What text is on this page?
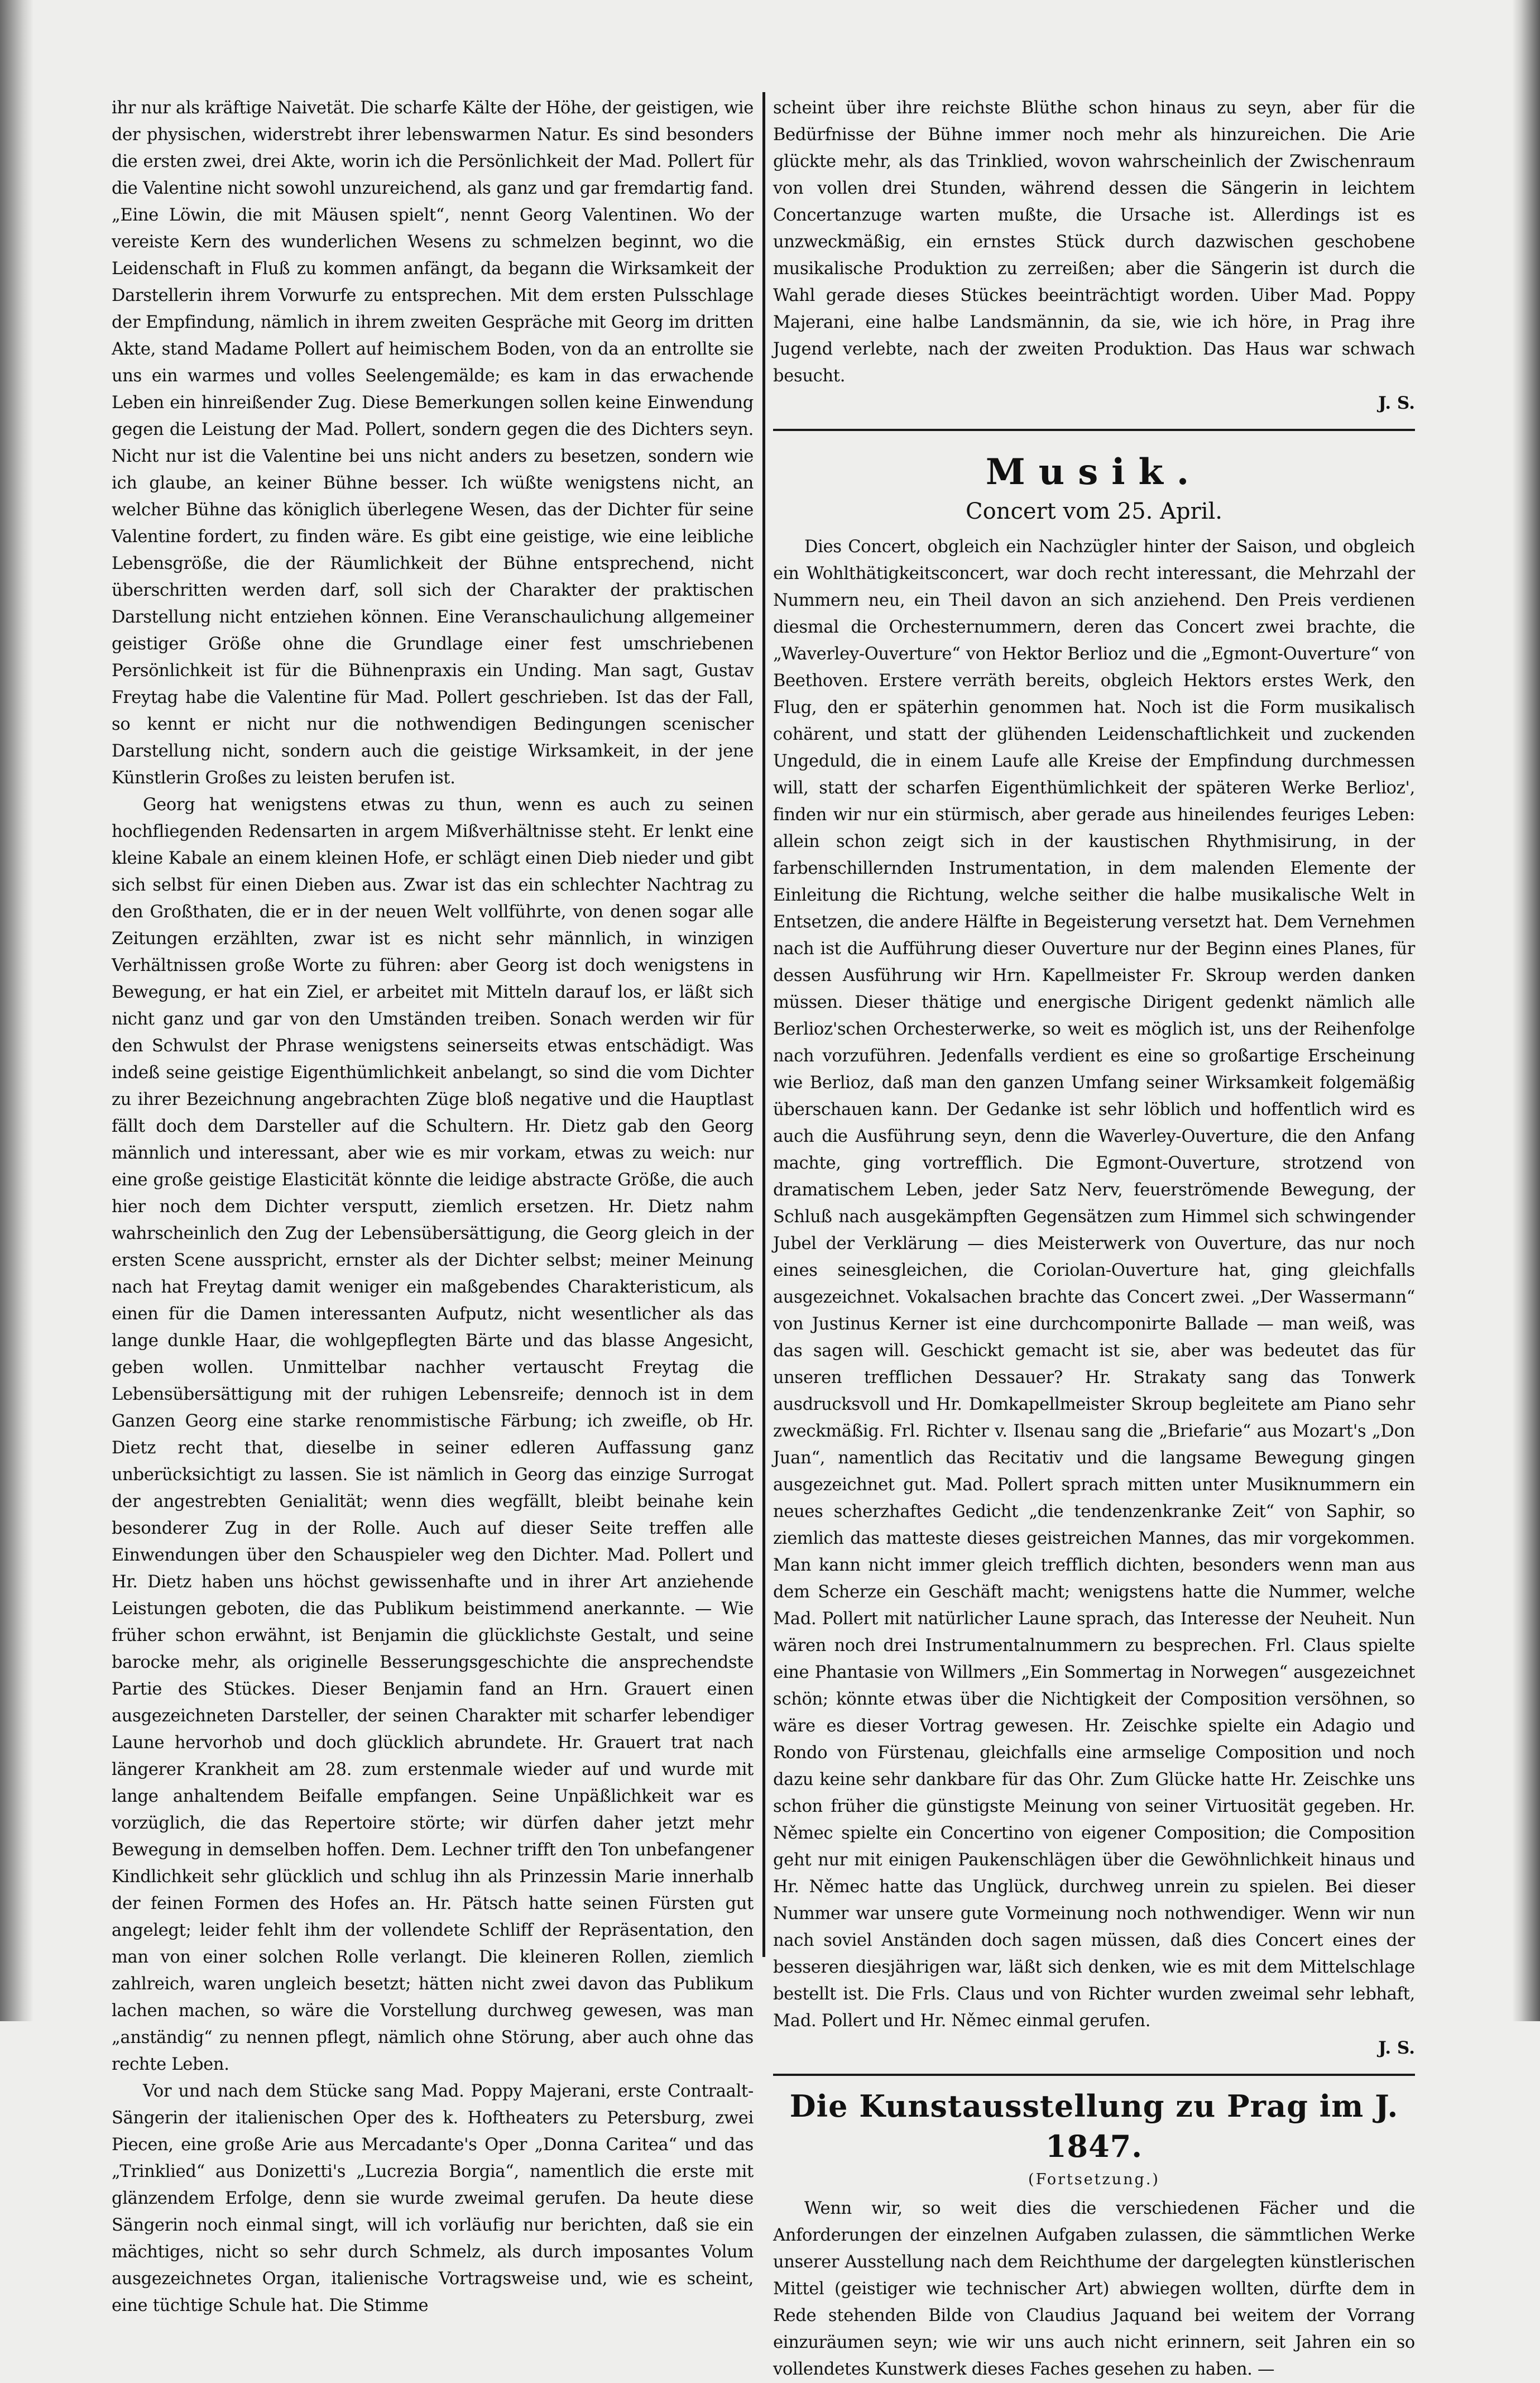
ihr nur als kräftige Naivetät. Die scharfe Kälte der Höhe, der geistigen, wie der physischen, widerstrebt ihrer lebenswarmen Natur. Es sind besonders die ersten zwei, drei Akte, worin ich die Persönlichkeit der Mad. Pollert für die Valentine nicht sowohl unzureichend, als ganz und gar fremdartig fand. „Eine Löwin, die mit Mäusen spielt“, nennt Georg Valentinen. Wo der vereiste Kern des wunderlichen Wesens zu schmelzen beginnt, wo die Leidenschaft in Fluß zu kommen anfängt, da begann die Wirksamkeit der Darstellerin ihrem Vorwurfe zu entsprechen. Mit dem ersten Pulsschlage der Empfindung, nämlich in ihrem zweiten Gespräche mit Georg im dritten Akte, stand Madame Pollert auf heimischem Boden, von da an entrollte sie uns ein warmes und volles Seelengemälde; es kam in das erwachende Leben ein hinreißender Zug. Diese Bemerkungen sollen keine Einwendung gegen die Leistung der Mad. Pollert, sondern gegen die des Dichters seyn. Nicht nur ist die Valentine bei uns nicht anders zu besetzen, sondern wie ich glaube, an keiner Bühne besser. Ich wüßte wenigstens nicht, an welcher Bühne das königlich überlegene Wesen, das der Dichter für seine Valentine fordert, zu finden wäre. Es gibt eine geistige, wie eine leibliche Lebensgröße, die der Räumlichkeit der Bühne entsprechend, nicht überschritten werden darf, soll sich der Charakter der praktischen Darstellung nicht entziehen können. Eine Veranschaulichung allgemeiner geistiger Größe ohne die Grundlage einer fest umschriebenen Persönlichkeit ist für die Bühnenpraxis ein Unding. Man sagt, Gustav Freytag habe die Valentine für Mad. Pollert geschrieben. Ist das der Fall, so kennt er nicht nur die nothwendigen Bedingungen scenischer Darstellung nicht, sondern auch die geistige Wirksamkeit, in der jene Künstlerin Großes zu leisten berufen ist.

Georg hat wenigstens etwas zu thun, wenn es auch zu seinen hochfliegenden Redensarten in argem Mißverhältnisse steht. Er lenkt eine kleine Kabale an einem kleinen Hofe, er schlägt einen Dieb nieder und gibt sich selbst für einen Dieben aus. Zwar ist das ein schlechter Nachtrag zu den Großthaten, die er in der neuen Welt vollführte, von denen sogar alle Zeitungen erzählten, zwar ist es nicht sehr männlich, in winzigen Verhältnissen große Worte zu führen: aber Georg ist doch wenigstens in Bewegung, er hat ein Ziel, er arbeitet mit Mitteln darauf los, er läßt sich nicht ganz und gar von den Umständen treiben. Sonach werden wir für den Schwulst der Phrase wenigstens seinerseits etwas entschädigt. Was indeß seine geistige Eigenthümlichkeit anbelangt, so sind die vom Dichter zu ihrer Bezeichnung angebrachten Züge bloß negative und die Hauptlast fällt doch dem Darsteller auf die Schultern. Hr. Dietz gab den Georg männlich und interessant, aber wie es mir vorkam, etwas zu weich: nur eine große geistige Elasticität könnte die leidige abstracte Größe, die auch hier noch dem Dichter versputt, ziemlich ersetzen. Hr. Dietz nahm wahrscheinlich den Zug der Lebensübersättigung, die Georg gleich in der ersten Scene ausspricht, ernster als der Dichter selbst; meiner Meinung nach hat Freytag damit weniger ein maßgebendes Charakteristicum, als einen für die Damen interessanten Aufputz, nicht wesentlicher als das lange dunkle Haar, die wohlgepflegten Bärte und das blasse Angesicht, geben wollen. Unmittelbar nachher vertauscht Freytag die Lebensübersättigung mit der ruhigen Lebensreife; dennoch ist in dem Ganzen Georg eine starke renommistische Färbung; ich zweifle, ob Hr. Dietz recht that, dieselbe in seiner edleren Auffassung ganz unberücksichtigt zu lassen. Sie ist nämlich in Georg das einzige Surrogat der angestrebten Genialität; wenn dies wegfällt, bleibt beinahe kein besonderer Zug in der Rolle. Auch auf dieser Seite treffen alle Einwendungen über den Schauspieler weg den Dichter. Mad. Pollert und Hr. Dietz haben uns höchst gewissenhafte und in ihrer Art anziehende Leistungen geboten, die das Publikum beistimmend anerkannte. — Wie früher schon erwähnt, ist Benjamin die glücklichste Gestalt, und seine barocke mehr, als originelle Besserungsgeschichte die ansprechendste Partie des Stückes. Dieser Benjamin fand an Hrn. Grauert einen ausgezeichneten Darsteller, der seinen Charakter mit scharfer lebendiger Laune hervorhob und doch glücklich abrundete. Hr. Grauert trat nach längerer Krankheit am 28. zum erstenmale wieder auf und wurde mit lange anhaltendem Beifalle empfangen. Seine Unpäßlichkeit war es vorzüglich, die das Repertoire störte; wir dürfen daher jetzt mehr Bewegung in demselben hoffen. Dem. Lechner trifft den Ton unbefangener Kindlichkeit sehr glücklich und schlug ihn als Prinzessin Marie innerhalb der feinen Formen des Hofes an. Hr. Pätsch hatte seinen Fürsten gut angelegt; leider fehlt ihm der vollendete Schliff der Repräsentation, den man von einer solchen Rolle verlangt. Die kleineren Rollen, ziemlich zahlreich, waren ungleich besetzt; hätten nicht zwei davon das Publikum lachen machen, so wäre die Vorstellung durchweg gewesen, was man „anständig“ zu nennen pflegt, nämlich ohne Störung, aber auch ohne das rechte Leben.

Vor und nach dem Stücke sang Mad. Poppy Majerani, erste Contraalt-Sängerin der italienischen Oper des k. Hoftheaters zu Petersburg, zwei Piecen, eine große Arie aus Mercadante's Oper „Donna Caritea“ und das „Trinklied“ aus Donizetti's „Lucrezia Borgia“, namentlich die erste mit glänzendem Erfolge, denn sie wurde zweimal gerufen. Da heute diese Sängerin noch einmal singt, will ich vorläufig nur berichten, daß sie ein mächtiges, nicht so sehr durch Schmelz, als durch imposantes Volum ausgezeichnetes Organ, italienische Vortragsweise und, wie es scheint, eine tüchtige Schule hat. Die Stimme

scheint über ihre reichste Blüthe schon hinaus zu seyn, aber für die Bedürfnisse der Bühne immer noch mehr als hinzureichen. Die Arie glückte mehr, als das Trinklied, wovon wahrscheinlich der Zwischenraum von vollen drei Stunden, während dessen die Sängerin in leichtem Concertanzuge warten mußte, die Ursache ist. Allerdings ist es unzweckmäßig, ein ernstes Stück durch dazwischen geschobene musikalische Produktion zu zerreißen; aber die Sängerin ist durch die Wahl gerade dieses Stückes beeinträchtigt worden. Uiber Mad. Poppy Majerani, eine halbe Landsmännin, da sie, wie ich höre, in Prag ihre Jugend verlebte, nach der zweiten Produktion. Das Haus war schwach besucht.

J. S.

Musik.
Concert vom 25. April.

Dies Concert, obgleich ein Nachzügler hinter der Saison, und obgleich ein Wohlthätigkeitsconcert, war doch recht interessant, die Mehrzahl der Nummern neu, ein Theil davon an sich anziehend. Den Preis verdienen diesmal die Orchesternummern, deren das Concert zwei brachte, die „Waverley-Ouverture“ von Hektor Berlioz und die „Egmont-Ouverture“ von Beethoven. Erstere verräth bereits, obgleich Hektors erstes Werk, den Flug, den er späterhin genommen hat. Noch ist die Form musikalisch cohärent, und statt der glühenden Leidenschaftlichkeit und zuckenden Ungeduld, die in einem Laufe alle Kreise der Empfindung durchmessen will, statt der scharfen Eigenthümlichkeit der späteren Werke Berlioz', finden wir nur ein stürmisch, aber gerade aus hineilendes feuriges Leben: allein schon zeigt sich in der kaustischen Rhythmisirung, in der farbenschillernden Instrumentation, in dem malenden Elemente der Einleitung die Richtung, welche seither die halbe musikalische Welt in Entsetzen, die andere Hälfte in Begeisterung versetzt hat. Dem Vernehmen nach ist die Aufführung dieser Ouverture nur der Beginn eines Planes, für dessen Ausführung wir Hrn. Kapellmeister Fr. Skroup werden danken müssen. Dieser thätige und energische Dirigent gedenkt nämlich alle Berlioz'schen Orchesterwerke, so weit es möglich ist, uns der Reihenfolge nach vorzuführen. Jedenfalls verdient es eine so großartige Erscheinung wie Berlioz, daß man den ganzen Umfang seiner Wirksamkeit folgemäßig überschauen kann. Der Gedanke ist sehr löblich und hoffentlich wird es auch die Ausführung seyn, denn die Waverley-Ouverture, die den Anfang machte, ging vortrefflich. Die Egmont-Ouverture, strotzend von dramatischem Leben, jeder Satz Nerv, feuerströmende Bewegung, der Schluß nach ausgekämpften Gegensätzen zum Himmel sich schwingender Jubel der Verklärung — dies Meisterwerk von Ouverture, das nur noch eines seinesgleichen, die Coriolan-Ouverture hat, ging gleichfalls ausgezeichnet. Vokalsachen brachte das Concert zwei. „Der Wassermann“ von Justinus Kerner ist eine durchcomponirte Ballade — man weiß, was das sagen will. Geschickt gemacht ist sie, aber was bedeutet das für unseren trefflichen Dessauer? Hr. Strakaty sang das Tonwerk ausdrucksvoll und Hr. Domkapellmeister Skroup begleitete am Piano sehr zweckmäßig. Frl. Richter v. Ilsenau sang die „Briefarie“ aus Mozart's „Don Juan“, namentlich das Recitativ und die langsame Bewegung gingen ausgezeichnet gut. Mad. Pollert sprach mitten unter Musiknummern ein neues scherzhaftes Gedicht „die tendenzenkranke Zeit“ von Saphir, so ziemlich das matteste dieses geistreichen Mannes, das mir vorgekommen. Man kann nicht immer gleich trefflich dichten, besonders wenn man aus dem Scherze ein Geschäft macht; wenigstens hatte die Nummer, welche Mad. Pollert mit natürlicher Laune sprach, das Interesse der Neuheit. Nun wären noch drei Instrumentalnummern zu besprechen. Frl. Claus spielte eine Phantasie von Willmers „Ein Sommertag in Norwegen“ ausgezeichnet schön; könnte etwas über die Nichtigkeit der Composition versöhnen, so wäre es dieser Vortrag gewesen. Hr. Zeischke spielte ein Adagio und Rondo von Fürstenau, gleichfalls eine armselige Composition und noch dazu keine sehr dankbare für das Ohr. Zum Glücke hatte Hr. Zeischke uns schon früher die günstigste Meinung von seiner Virtuosität gegeben. Hr. Němec spielte ein Concertino von eigener Composition; die Composition geht nur mit einigen Paukenschlägen über die Gewöhnlichkeit hinaus und Hr. Němec hatte das Unglück, durchweg unrein zu spielen. Bei dieser Nummer war unsere gute Vormeinung noch nothwendiger. Wenn wir nun nach soviel Anständen doch sagen müssen, daß dies Concert eines der besseren diesjährigen war, läßt sich denken, wie es mit dem Mittelschlage bestellt ist. Die Frls. Claus und von Richter wurden zweimal sehr lebhaft, Mad. Pollert und Hr. Němec einmal gerufen.

J. S.

Die Kunstausstellung zu Prag im J. 1847.
(Fortsetzung.)

Wenn wir, so weit dies die verschiedenen Fächer und die Anforderungen der einzelnen Aufgaben zulassen, die sämmtlichen Werke unserer Ausstellung nach dem Reichthume der dargelegten künstlerischen Mittel (geistiger wie technischer Art) abwiegen wollten, dürfte dem in Rede stehenden Bilde von Claudius Jaquand bei weitem der Vorrang einzuräumen seyn; wie wir uns auch nicht erinnern, seit Jahren ein so vollendetes Kunstwerk dieses Faches gesehen zu haben. —
